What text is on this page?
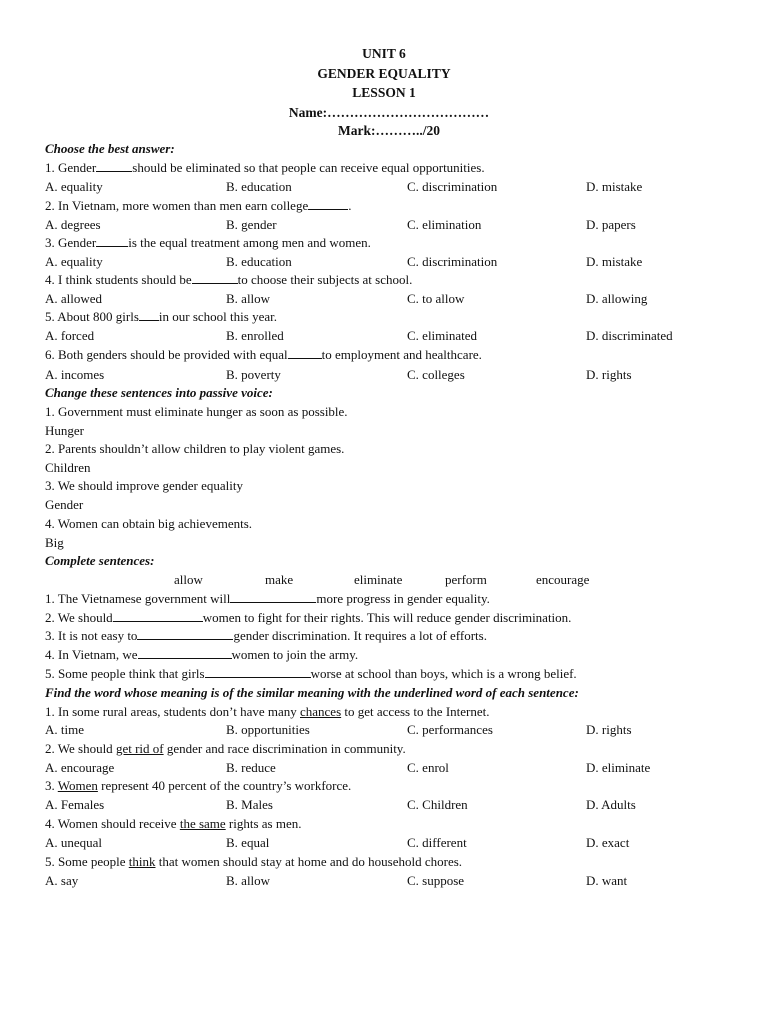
UNIT 6
GENDER EQUALITY
LESSON 1
Name:………………………………
Mark:………../20
Choose the best answer:
1. Gender	should be eliminated so that people can receive equal opportunities.
A. equality	B. education	C. discrimination	D. mistake
2. In Vietnam, more women than men earn college	.
A. degrees	B. gender	C. elimination	D. papers
3. Gender is the equal treatment among men and women.
A. equality	B. education	C. discrimination	D. mistake
4. I think students should be	to choose their subjects at school.
A. allowed	B. allow	C. to allow	D. allowing
5. About 800 girls in our school this year.
A. forced	B. enrolled	C. eliminated	D. discriminated
6. Both genders should be provided with equal	to employment and healthcare.
A. incomes	B. poverty	C. colleges	D. rights
Change these sentences into passive voice:
1. Government must eliminate hunger as soon as possible.
Hunger
2. Parents shouldn’t allow children to play violent games.
Children
3. We should improve gender equality
Gender
4. Women can obtain big achievements.
Big
Complete sentences:
allow	make	eliminate	perform	encourage
1. The Vietnamese government will	more progress in gender equality.
2. We should	women to fight for their rights. This will reduce gender discrimination.
3. It is not easy to	gender discrimination. It requires a lot of efforts.
4. In Vietnam, we	women to join the army.
5. Some people think that girls	worse at school than boys, which is a wrong belief.
Find the word whose meaning is of the similar meaning with the underlined word of each sentence:
1. In some rural areas, students don’t have many chances to get access to the Internet.
A. time	B. opportunities	C. performances	D. rights
2. We should get rid of gender and race discrimination in community.
A. encourage	B. reduce	C. enrol	D. eliminate
3. Women represent 40 percent of the country’s workforce.
A. Females	B. Males	C. Children	D. Adults
4. Women should receive the same rights as men.
A. unequal	B. equal	C. different	D. exact
5. Some people think that women should stay at home and do household chores.
A. say	B. allow	C. suppose	D. want
